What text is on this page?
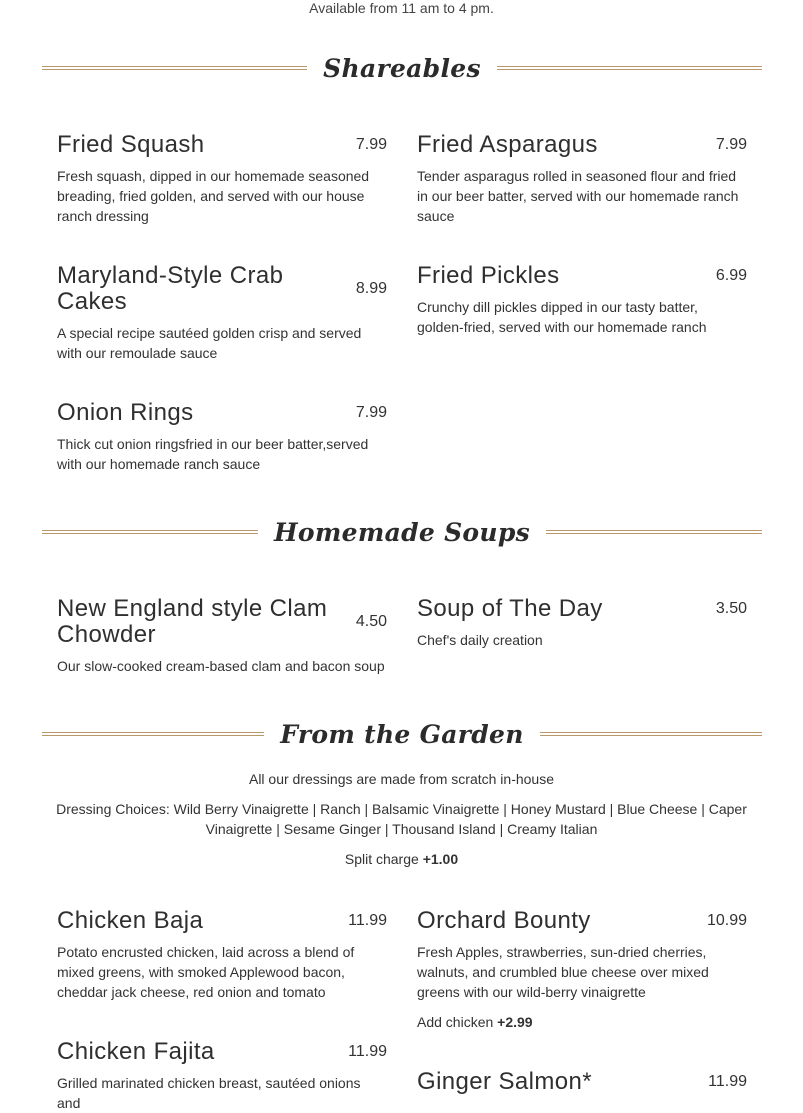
Available from 11 am to 4 pm.
Shareables
Fried Squash	7.99
Fresh squash, dipped in our homemade seasoned breading, fried golden, and served with our house ranch dressing
Fried Asparagus	7.99
Tender asparagus rolled in seasoned flour and fried in our beer batter, served with our homemade ranch sauce
Maryland-Style Crab Cakes	8.99
A special recipe sautéed golden crisp and served with our remoulade sauce
Fried Pickles	6.99
Crunchy dill pickles dipped in our tasty batter, golden-fried, served with our homemade ranch
Onion Rings	7.99
Thick cut onion ringsfried in our beer batter,served with our homemade ranch sauce
Homemade Soups
New England style Clam Chowder	4.50
Our slow-cooked cream-based clam and bacon soup
Soup of The Day	3.50
Chef's daily creation
From the Garden
All our dressings are made from scratch in-house
Dressing Choices: Wild Berry Vinaigrette | Ranch | Balsamic Vinaigrette | Honey Mustard | Blue Cheese | Caper Vinaigrette | Sesame Ginger | Thousand Island | Creamy Italian
Split charge +1.00
Chicken Baja	11.99
Potato encrusted chicken, laid across a blend of mixed greens, with smoked Applewood bacon, cheddar jack cheese, red onion and tomato
Orchard Bounty	10.99
Fresh Apples, strawberries, sun-dried cherries, walnuts, and crumbled blue cheese over mixed greens with our wild-berry vinaigrette
Add chicken +2.99
Chicken Fajita	11.99
Grilled marinated chicken breast, sautéed onions and
Ginger Salmon*	11.99
